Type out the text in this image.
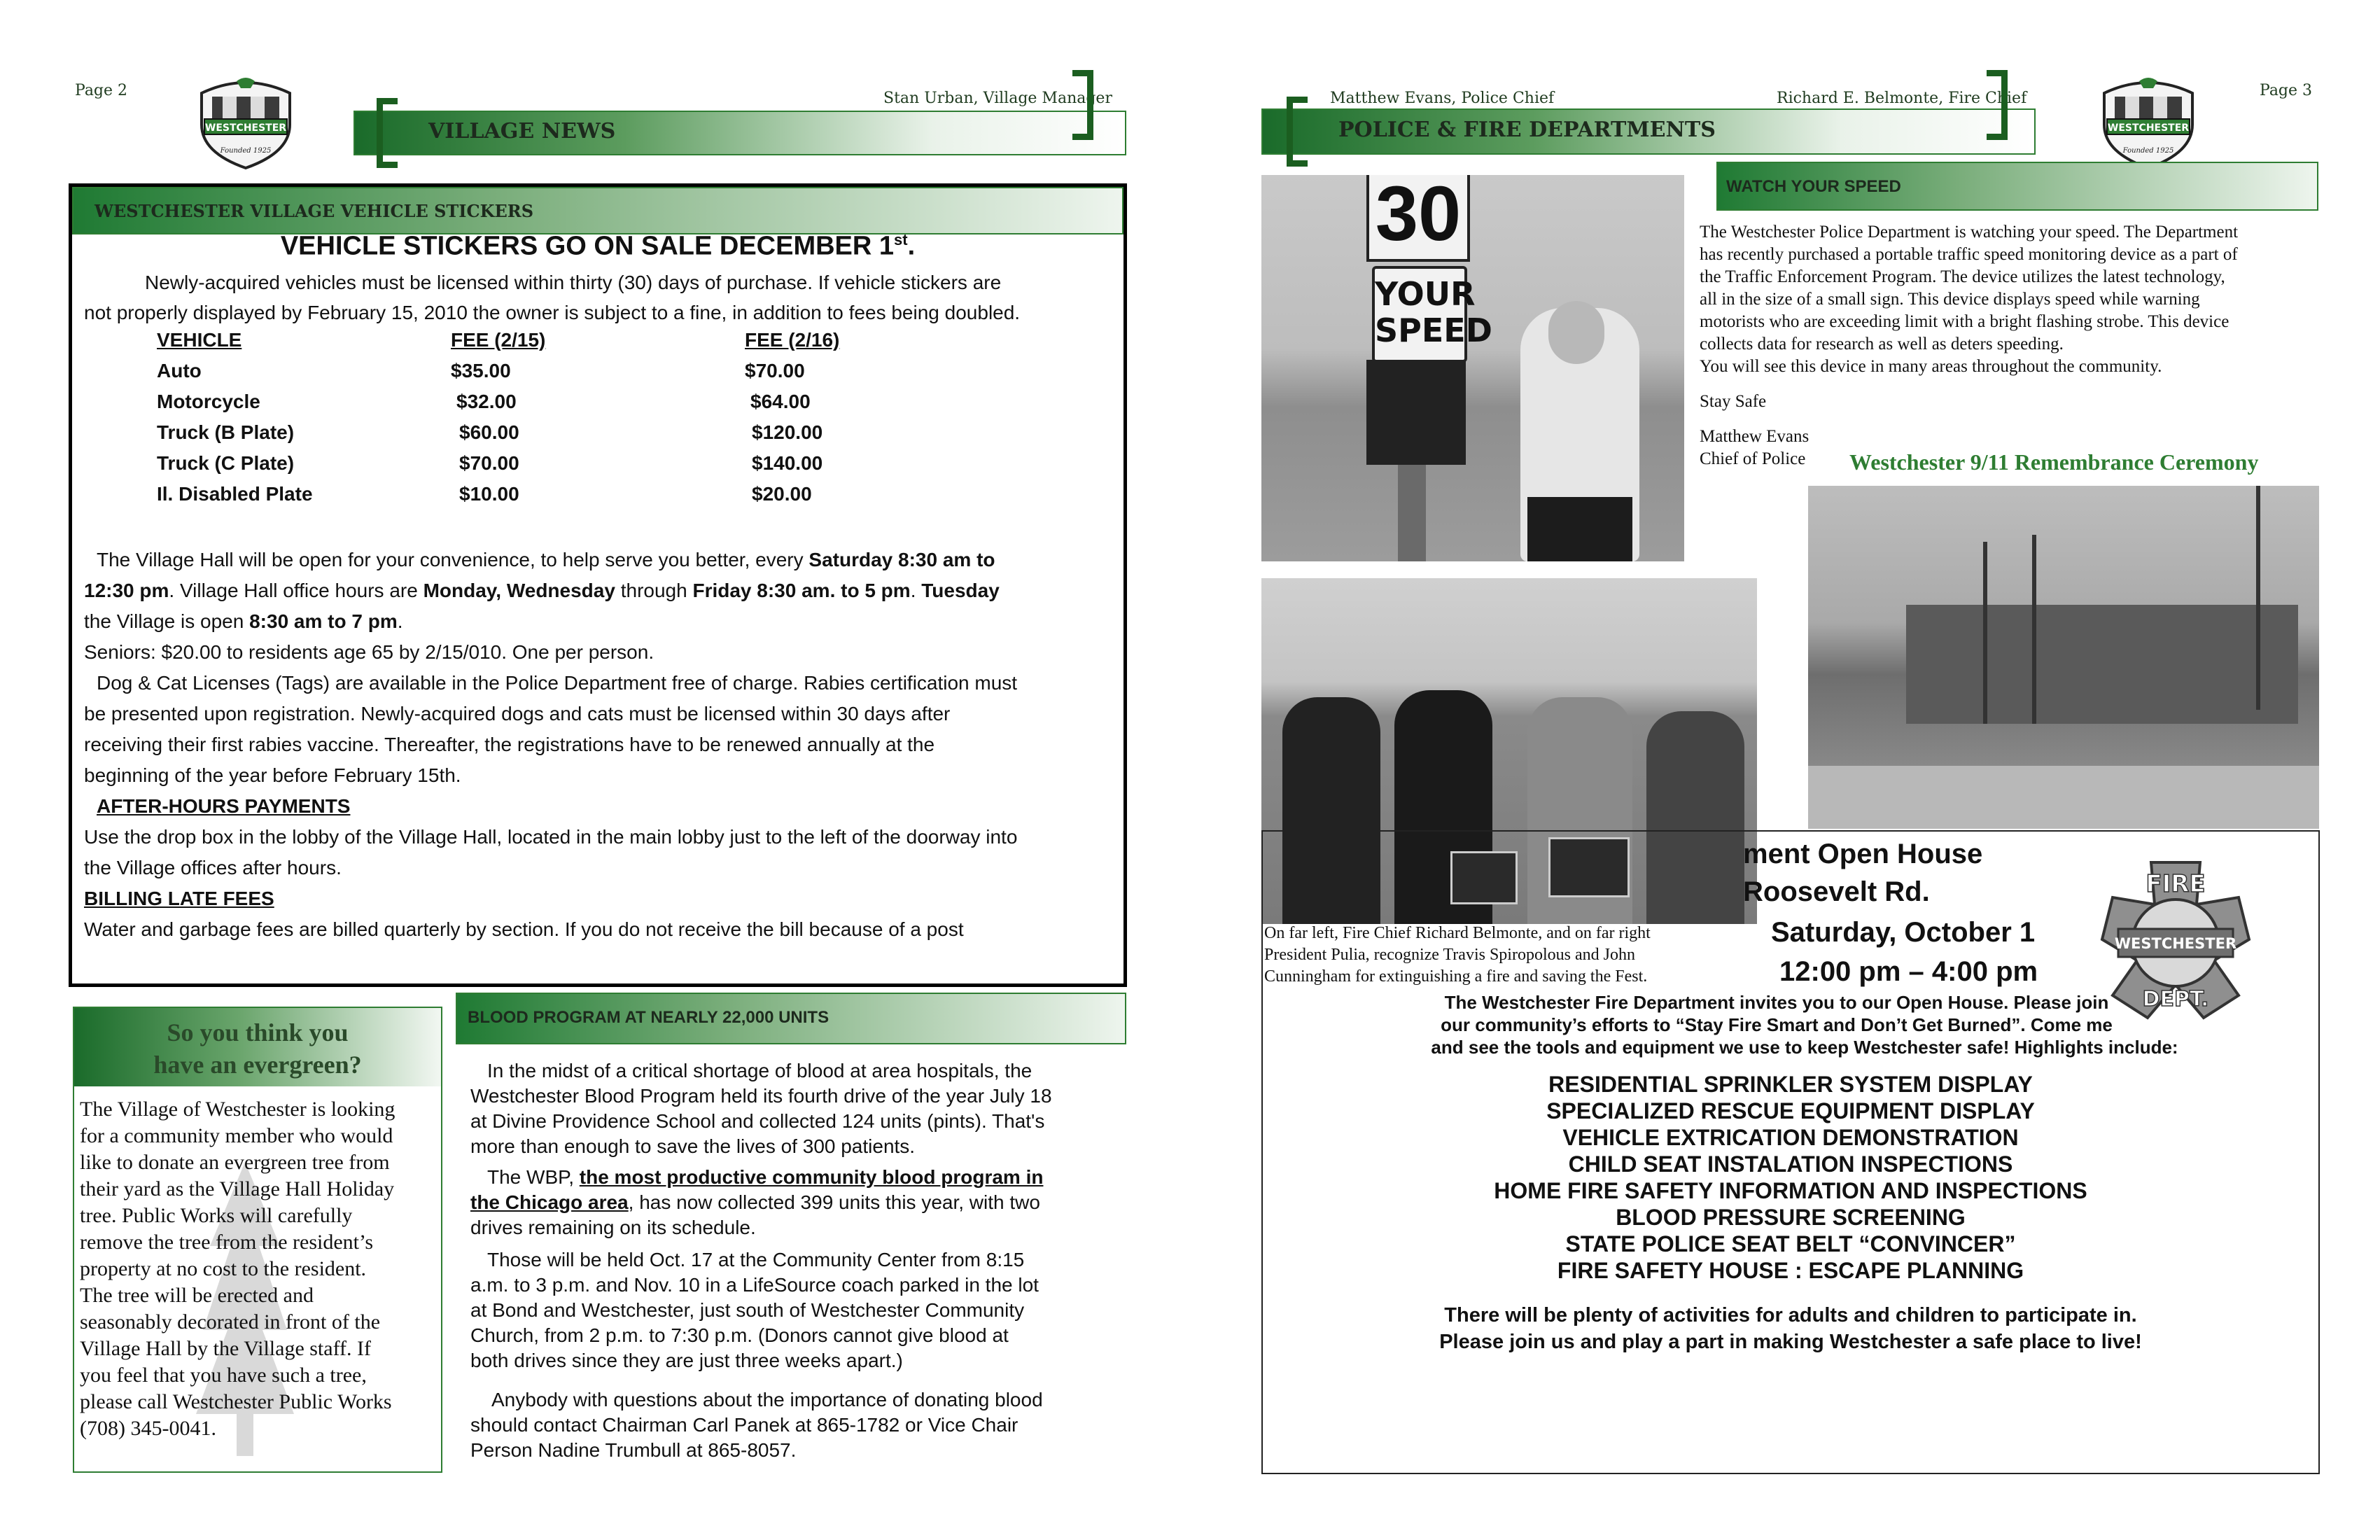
Page 2
WESTCHESTER
Founded 1925
Stan Urban, Village Manager
VILLAGE NEWS
WESTCHESTER VILLAGE VEHICLE STICKERS
VEHICLE STICKERS GO ON SALE DECEMBER 1st.
Newly-acquired vehicles must be licensed within thirty (30) days of purchase. If vehicle stickers are
not properly displayed by February 15, 2010 the owner is subject to a fine, in addition to fees being doubled.
VEHICLE	FEE (2/15)	FEE (2/16)
Auto	$35.00	$70.00
Motorcycle	$32.00	$64.00
Truck (B Plate)	$60.00	$120.00
Truck (C Plate)	$70.00	$140.00
Il. Disabled Plate	$10.00	$20.00
The Village Hall will be open for your convenience, to help serve you better, every Saturday 8:30 am to
12:30 pm. Village Hall office hours are Monday, Wednesday through Friday 8:30 am. to 5 pm. Tuesday
the Village is open 8:30 am to 7 pm.
Seniors: $20.00 to residents age 65 by 2/15/010. One per person.
Dog & Cat Licenses (Tags) are available in the Police Department free of charge. Rabies certification must
be presented upon registration. Newly-acquired dogs and cats must be licensed within 30 days after
receiving their first rabies vaccine. Thereafter, the registrations have to be renewed annually at the
beginning of the year before February 15th.
AFTER-HOURS PAYMENTS
Use the drop box in the lobby of the Village Hall, located in the main lobby just to the left of the doorway into
the Village offices after hours.
BILLING LATE FEES
Water and garbage fees are billed quarterly by section. If you do not receive the bill because of a post
So you think you
have an evergreen?
The Village of Westchester is looking
for a community member who would
like to donate an evergreen tree from
their yard as the Village Hall Holiday
tree. Public Works will carefully
remove the tree from the resident’s
property at no cost to the resident.
The tree will be erected and
seasonably decorated in front of the
Village Hall by the Village staff. If
you feel that you have such a tree,
please call Westchester Public Works
(708) 345-0041.
BLOOD PROGRAM AT NEARLY 22,000 UNITS
In the midst of a critical shortage of blood at area hospitals, the
Westchester Blood Program held its fourth drive of the year July 18
at Divine Providence School and collected 124 units (pints). That's
more than enough to save the lives of 300 patients.
The WBP, the most productive community blood program in
the Chicago area, has now collected 399 units this year, with two
drives remaining on its schedule.
Those will be held Oct. 17 at the Community Center from 8:15
a.m. to 3 p.m. and Nov. 10 in a LifeSource coach parked in the lot
at Bond and Westchester, just south of Westchester Community
Church, from 2 p.m. to 7:30 p.m. (Donors cannot give blood at
both drives since they are just three weeks apart.)
Anybody with questions about the importance of donating blood
should contact Chairman Carl Panek at 865-1782 or Vice Chair
Person Nadine Trumbull at 865-8057.
Matthew Evans, Police Chief	Richard E. Belmonte, Fire Chief
POLICE & FIRE DEPARTMENTS	WESTCHESTER
Founded 1925
Page 3
30
YOUR
SPEED
WATCH YOUR SPEED
The Westchester Police Department is watching your speed. The Department
has recently purchased a portable traffic speed monitoring device as a part of
the Traffic Enforcement Program. The device utilizes the latest technology,
all in the size of a small sign. This device displays speed while warning
motorists who are exceeding limit with a bright flashing strobe. This device
collects data for research as well as deters speeding.
You will see this device in many areas throughout the community.
Stay Safe
Matthew Evans
Chief of Police Westchester 9/11 Remembrance Ceremony
On far left, Fire Chief Richard Belmonte, and on far right
President Pulia, recognize Travis Spiropolous and John
Cunningham for extinguishing a fire and saving the Fest.
ment Open House
Roosevelt Rd.
Saturday, October 1
12:00 pm – 4:00 pm
WESTCHESTER
FIRE
DEPT.
The Westchester Fire Department invites you to our Open House. Please join
our community’s efforts to “Stay Fire Smart and Don’t Get Burned”. Come me
and see the tools and equipment we use to keep Westchester safe! Highlights include:
RESIDENTIAL SPRINKLER SYSTEM DISPLAY
SPECIALIZED RESCUE EQUIPMENT DISPLAY
VEHICLE EXTRICATION DEMONSTRATION
CHILD SEAT INSTALATION INSPECTIONS
HOME FIRE SAFETY INFORMATION AND INSPECTIONS
BLOOD PRESSURE SCREENING
STATE POLICE SEAT BELT “CONVINCER”
FIRE SAFETY HOUSE : ESCAPE PLANNING
There will be plenty of activities for adults and children to participate in.
Please join us and play a part in making Westchester a safe place to live!
